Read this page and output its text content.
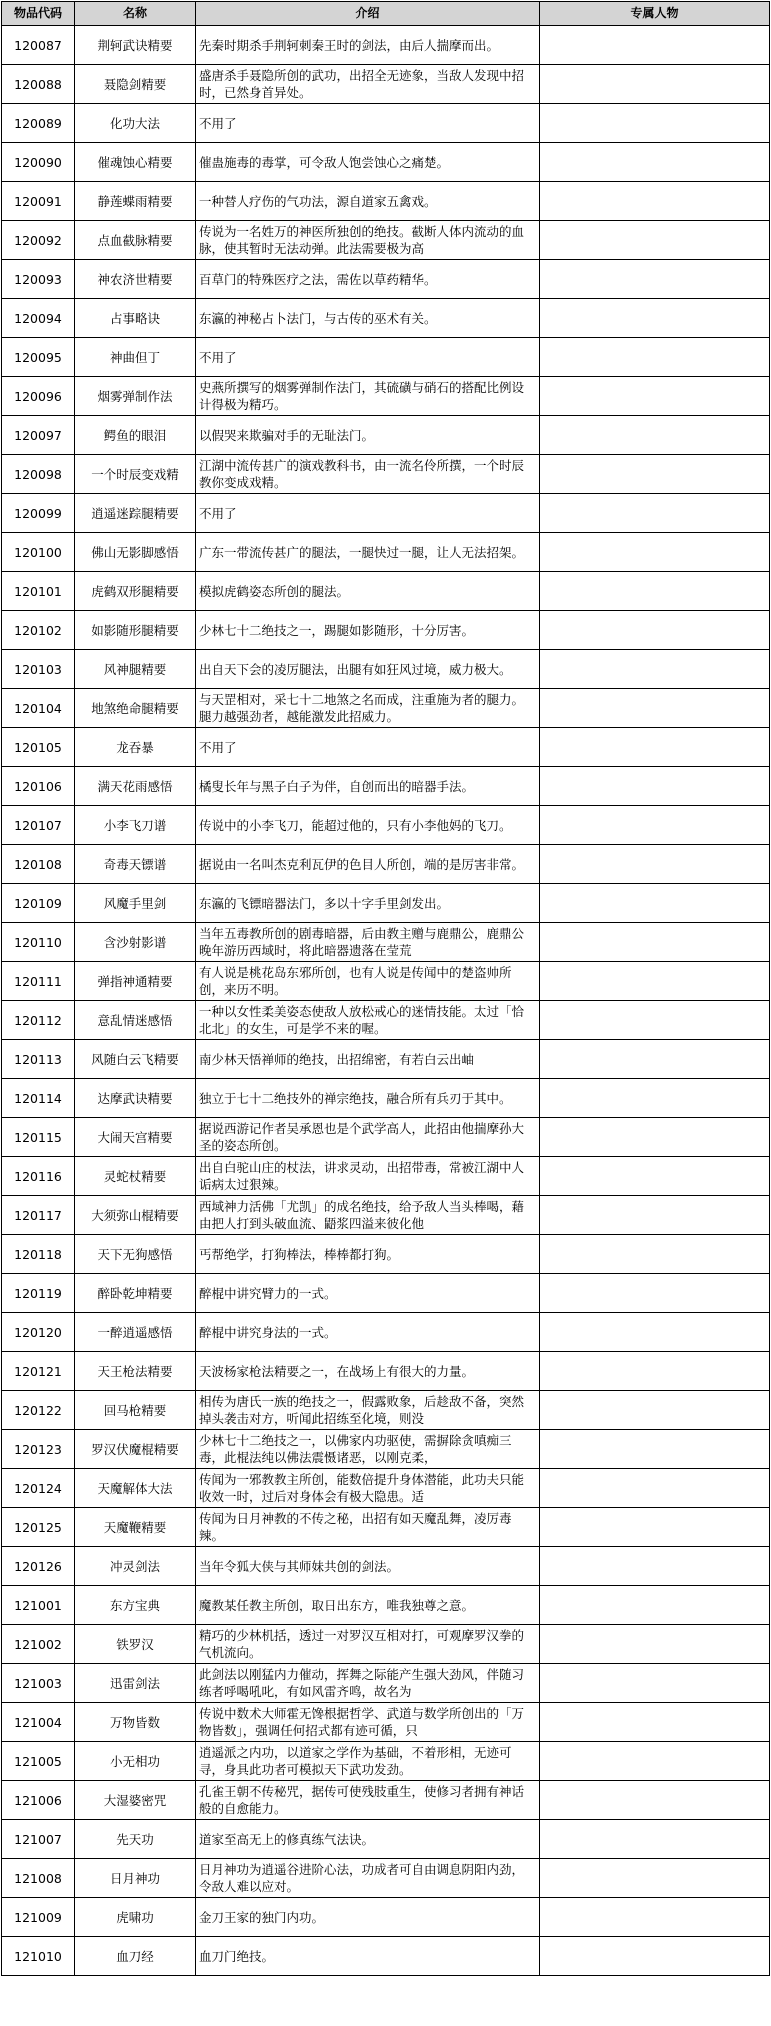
物品代码	名称	介绍	专属人物
120087	荆轲武诀精要	先秦时期杀手荆轲刺秦王时的剑法，由后人揣摩而出。	

120088	聂隐剑精要	盛唐杀手聂隐所创的武功，出招全无迹象，当敌人发现中招时，已然身首异处。	

120089	化功大法	不用了	

120090	催魂蚀心精要	催蛊施毒的毒掌，可令敌人饱尝蚀心之痛楚。	

120091	静莲蝶雨精要	一种替人疗伤的气功法，源自道家五禽戏。	

120092	点血截脉精要	传说为一名姓万的神医所独创的绝技。截断人体内流动的血脉，使其暂时无法动弹。此法需要极为高	

120093	神农济世精要	百草门的特殊医疗之法，需佐以草药精华。	

120094	占事略诀	东瀛的神秘占卜法门，与古传的巫术有关。	

120095	神曲但丁	不用了	

120096	烟雾弹制作法	史燕所撰写的烟雾弹制作法门，其硫磺与硝石的搭配比例设计得极为精巧。	

120097	鳄鱼的眼泪	以假哭来欺骗对手的无耻法门。	

120098	一个时辰变戏精	江湖中流传甚广的演戏教科书，由一流名伶所撰，一个时辰教你变成戏精。	

120099	逍遥迷踪腿精要	不用了	

120100	佛山无影脚感悟	广东一带流传甚广的腿法，一腿快过一腿，让人无法招架。	

120101	虎鹤双形腿精要	模拟虎鹤姿态所创的腿法。	

120102	如影随形腿精要	少林七十二绝技之一，踢腿如影随形，十分厉害。	

120103	风神腿精要	出自天下会的凌厉腿法，出腿有如狂风过境，威力极大。	

120104	地煞绝命腿精要	与天罡相对，采七十二地煞之名而成，注重施为者的腿力。腿力越强劲者，越能激发此招威力。	

120105	龙吞暴	不用了	

120106	满天花雨感悟	橘叟长年与黑子白子为伴，自创而出的暗器手法。	

120107	小李飞刀谱	传说中的小李飞刀，能超过他的，只有小李他妈的飞刀。	

120108	奇毒天镖谱	据说由一名叫杰克利瓦伊的色目人所创，端的是厉害非常。	

120109	风魔手里剑	东瀛的飞镖暗器法门，多以十字手里剑发出。	

120110	含沙射影谱	当年五毒教所创的剧毒暗器，后由教主赠与鹿鼎公，鹿鼎公晚年游历西域时，将此暗器遗落在莹荒	

120111	弹指神通精要	有人说是桃花岛东邪所创，也有人说是传闻中的楚盗帅所创，来历不明。	

120112	意乱情迷感悟	一种以女性柔美姿态使敌人放松戒心的迷情技能。太过「恰北北」的女生，可是学不来的喔。	

120113	风随白云飞精要	南少林天悟禅师的绝技，出招绵密，有若白云出岫	

120114	达摩武诀精要	独立于七十二绝技外的禅宗绝技，融合所有兵刃于其中。	

120115	大闹天宫精要	据说西游记作者吴承恩也是个武学高人，此招由他揣摩孙大圣的姿态所创。	

120116	灵蛇杖精要	出自白驼山庄的杖法，讲求灵动，出招带毒，常被江湖中人诟病太过狠辣。	

120117	大须弥山棍精要	西域神力活佛「尤凯」的成名绝技，给予敌人当头棒喝，藉由把人打到头破血流、鼯浆四溢来彼化他	

120118	天下无狗感悟	丐帮绝学，打狗棒法，棒棒都打狗。	

120119	醉卧乾坤精要	醉棍中讲究臂力的一式。	

120120	一醉逍遥感悟	醉棍中讲究身法的一式。	

120121	天王枪法精要	天波杨家枪法精要之一，在战场上有很大的力量。	

120122	回马枪精要	相传为唐氏一族的绝技之一，假露败象，后趁敌不备，突然掉头袭击对方，听闻此招练至化境，则没	

120123	罗汉伏魔棍精要	少林七十二绝技之一，以佛家内功驱使，需摒除贪嗔痴三毒，此棍法纯以佛法震慑诸恶，以刚克柔，	

120124	天魔解体大法	传闻为一邪教教主所创，能数倍提升身体潜能，此功夫只能收效一时，过后对身体会有极大隐患。适	

120125	天魔鞭精要	传闻为日月神教的不传之秘，出招有如天魔乱舞，凌厉毒辣。	

120126	冲灵剑法	当年令狐大侠与其师妹共创的剑法。	

121001	东方宝典	魔教某任教主所创，取日出东方，唯我独尊之意。	

121002	铁罗汉	精巧的少林机括，透过一对罗汉互相对打，可观摩罗汉拳的气机流向。	

121003	迅雷剑法	此剑法以刚猛内力催动，挥舞之际能产生强大劲风，伴随习练者呼喝吼叱，有如风雷齐鸣，故名为	

121004	万物皆数	传说中数术大师霍无馋根据哲学、武道与数学所创出的「万物皆数」，强调任何招式都有迹可循，只	

121005	小无相功	逍遥派之内功，以道家之学作为基础，不着形相，无迹可寻，身具此功者可模拟天下武功发劲。	

121006	大湿婆密咒	孔雀王朝不传秘咒，据传可使残肢重生，使修习者拥有神话般的自愈能力。	

121007	先天功	道家至高无上的修真练气法诀。	

121008	日月神功	日月神功为逍遥谷进阶心法，功成者可自由调息阴阳内劲，令敌人难以应对。	

121009	虎啸功	金刀王家的独门内功。	

121010	血刀经	血刀门绝技。	
